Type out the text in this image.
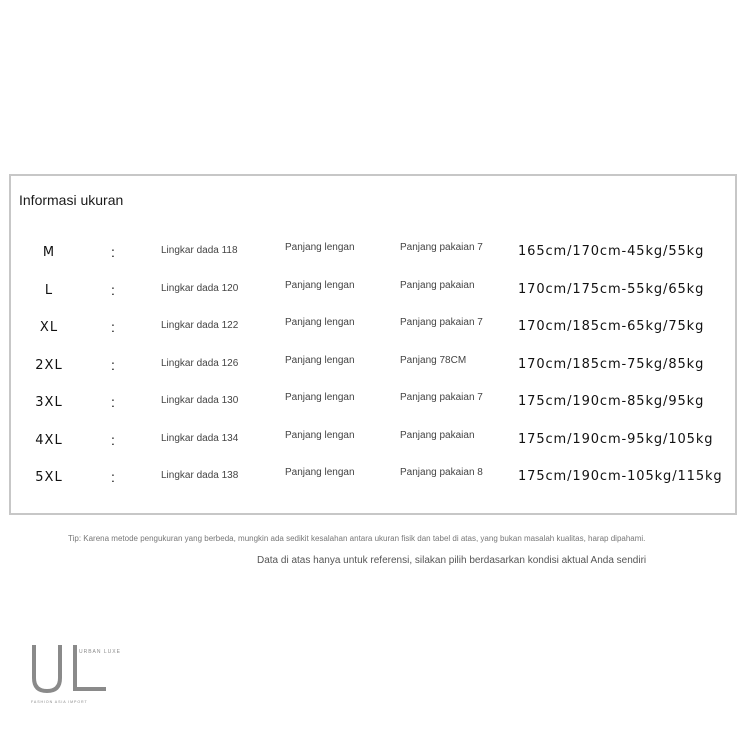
Informasi ukuran
M	:	Lingkar dada 118	Panjang lengan	Panjang pakaian 7	165cm/170cm-45kg/55kg
L	:	Lingkar dada 120	Panjang lengan	Panjang pakaian	170cm/175cm-55kg/65kg
XL	:	Lingkar dada 122	Panjang lengan	Panjang pakaian 7	170cm/185cm-65kg/75kg
2XL	:	Lingkar dada 126	Panjang lengan	Panjang 78CM	170cm/185cm-75kg/85kg
3XL	:	Lingkar dada 130	Panjang lengan	Panjang pakaian 7	175cm/190cm-85kg/95kg
4XL	:	Lingkar dada 134	Panjang lengan	Panjang pakaian	175cm/190cm-95kg/105kg
5XL	:	Lingkar dada 138	Panjang lengan	Panjang pakaian 8	175cm/190cm-105kg/115kg
Tip: Karena metode pengukuran yang berbeda, mungkin ada sedikit kesalahan antara ukuran fisik dan tabel di atas, yang bukan masalah kualitas, harap dipahami.
Data di atas hanya untuk referensi, silakan pilih berdasarkan kondisi aktual Anda sendiri
URBAN LUXE
FASHION ASIA IMPORT
